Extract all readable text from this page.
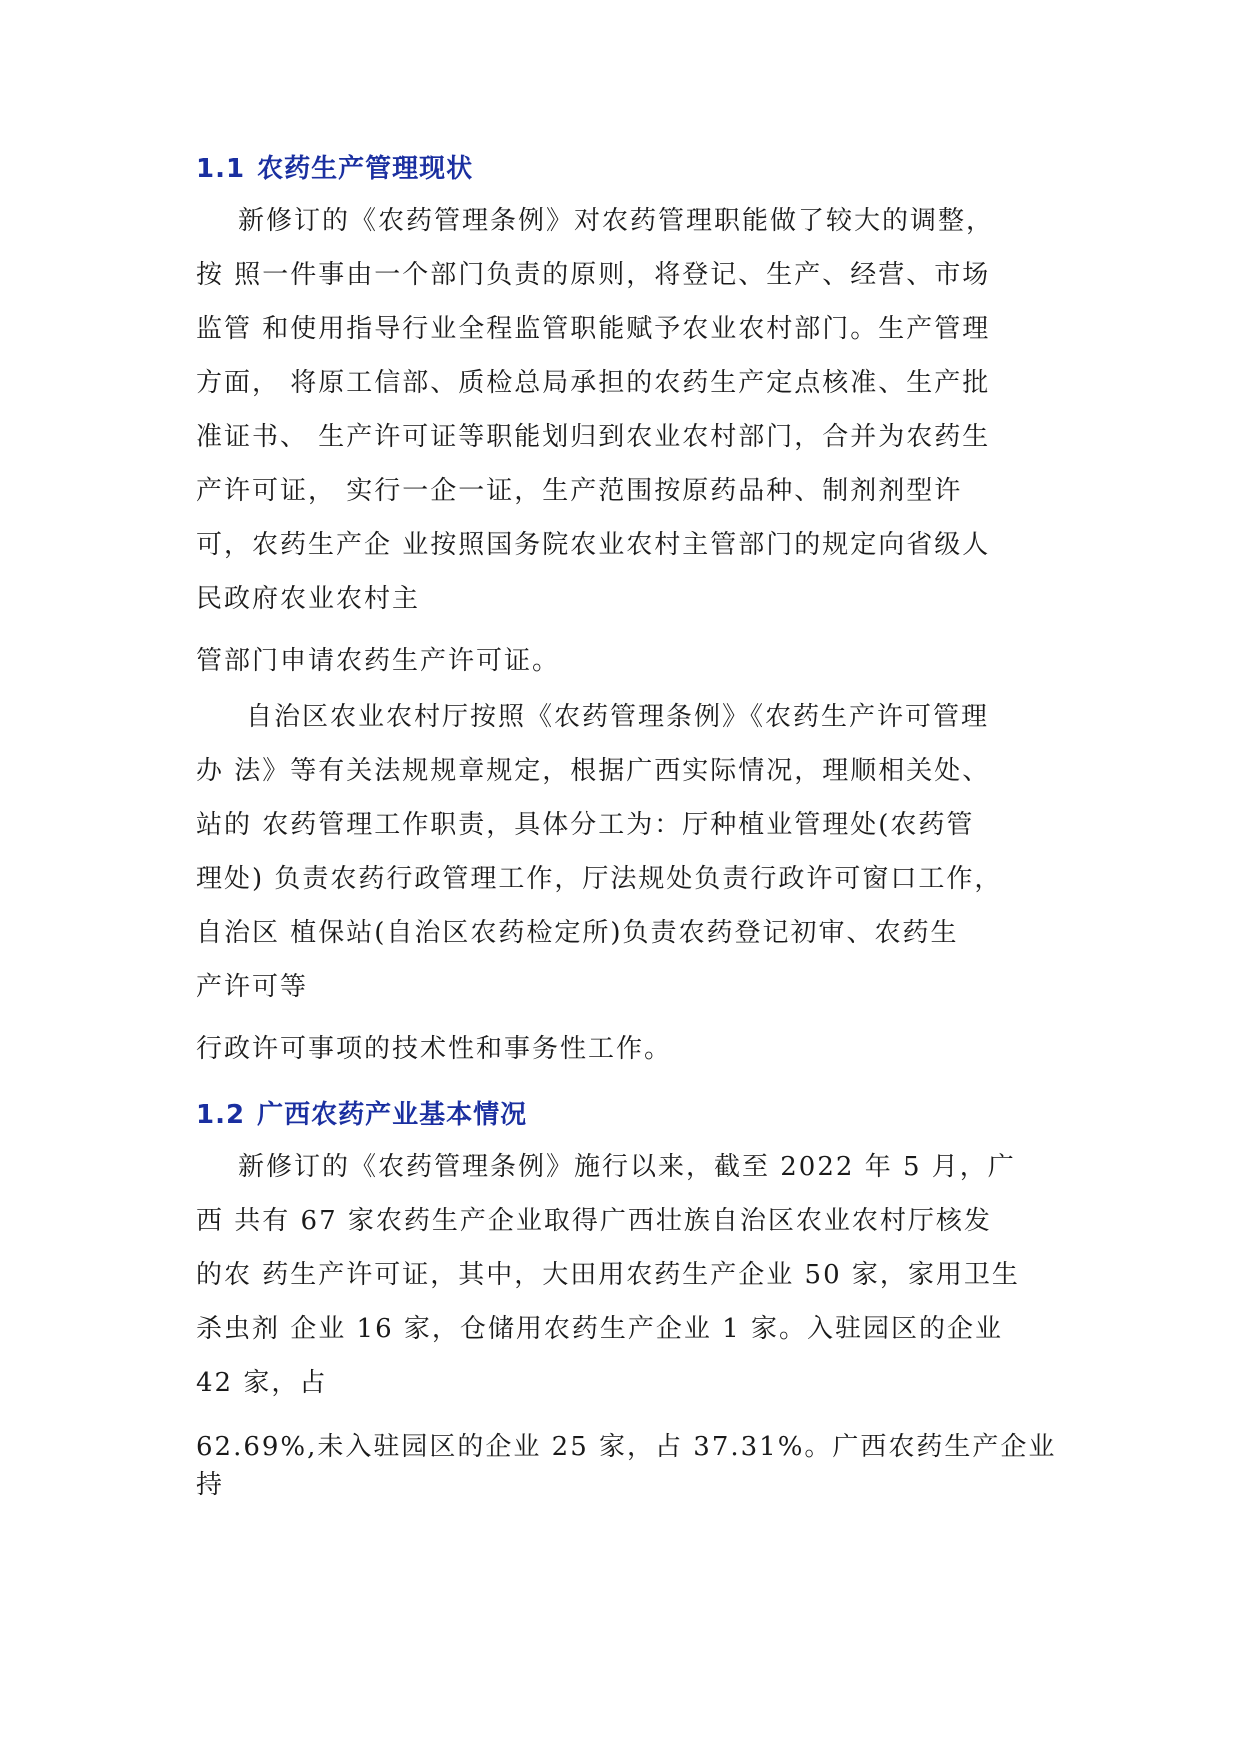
1.1 农药生产管理现状

新修订的《农药管理条例》对农药管理职能做了较大的调整，

按 照一件事由一个部门负责的原则，将登记、生产、经营、市场

监管 和使用指导行业全程监管职能赋予农业农村部门。生产管理

方面， 将原工信部、质检总局承担的农药生产定点核准、生产批

准证书、 生产许可证等职能划归到农业农村部门，合并为农药生

产许可证， 实行一企一证，生产范围按原药品种、制剂剂型许

可，农药生产企 业按照国务院农业农村主管部门的规定向省级人

民政府农业农村主

管部门申请农药生产许可证。

自治区农业农村厅按照《农药管理条例》《农药生产许可管理

办 法》等有关法规规章规定，根据广西实际情况，理顺相关处、

站的 农药管理工作职责，具体分工为：厅种植业管理处(农药管

理处) 负责农药行政管理工作，厅法规处负责行政许可窗口工作，

自治区 植保站(自治区农药检定所)负责农药登记初审、农药生

产许可等

行政许可事项的技术性和事务性工作。

1.2 广西农药产业基本情况

新修订的《农药管理条例》施行以来，截至 2022 年 5 月，广

西 共有 67 家农药生产企业取得广西壮族自治区农业农村厅核发

的农 药生产许可证，其中，大田用农药生产企业 50 家，家用卫生

杀虫剂 企业 16 家，仓储用农药生产企业 1 家。入驻园区的企业

42 家，占

62.69%,未入驻园区的企业 25 家，占 37.31%。广西农药生产企业

持
